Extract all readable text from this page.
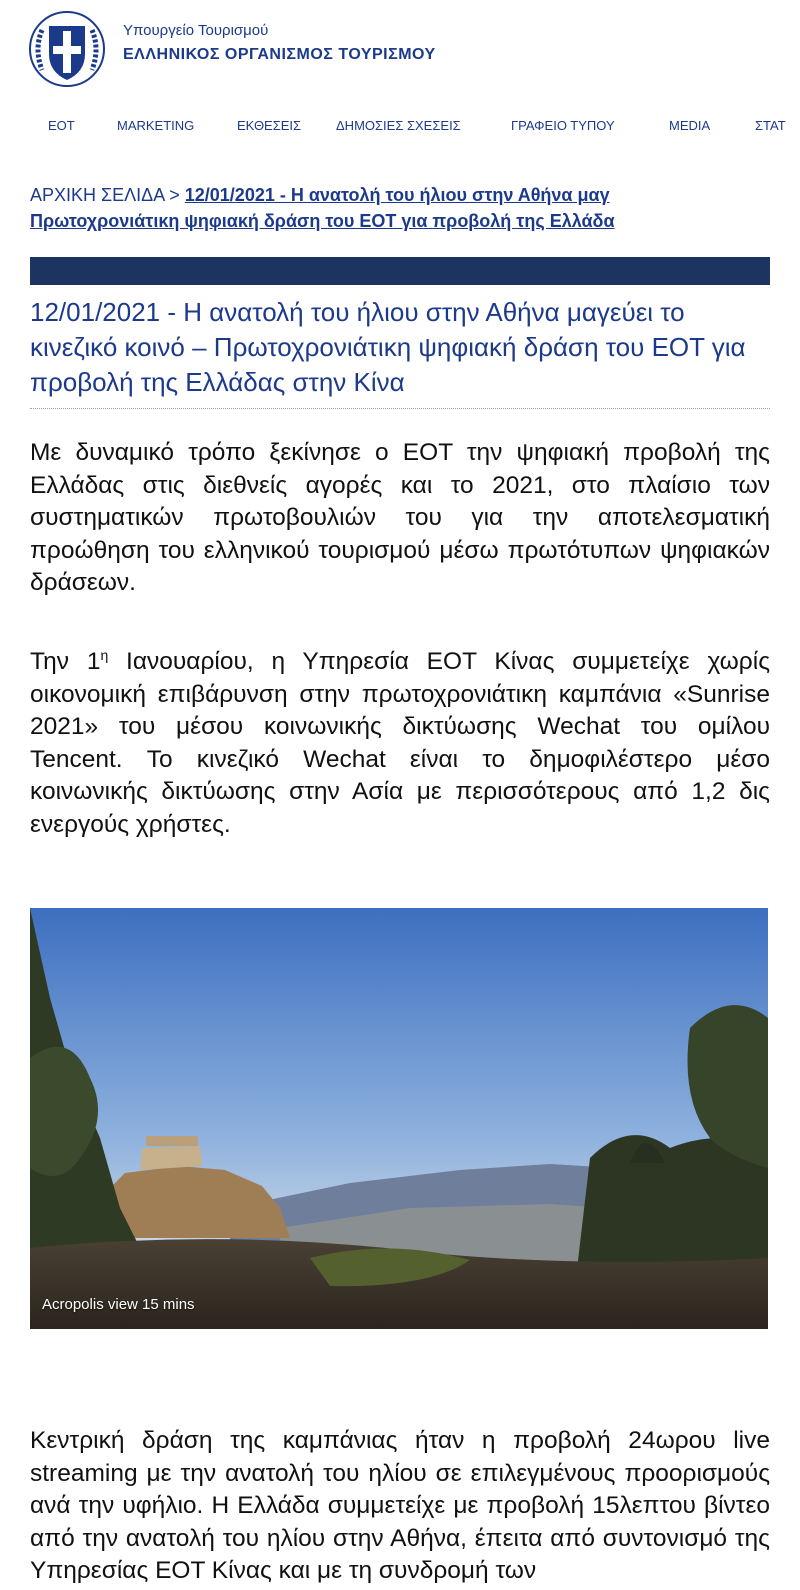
Υπουργείο Τουρισμού
ΕΛΛΗΝΙΚΟΣ ΟΡΓΑΝΙΣΜΟΣ ΤΟΥΡΙΣΜΟΥ
ΕΟΤ	MARKETING	ΕΚΘΕΣΕΙΣ	ΔΗΜΟΣΙΕΣ ΣΧΕΣΕΙΣ	ΓΡΑΦΕΙΟ ΤΥΠΟΥ	MEDIA	ΣΤΑΤ
ΑΡΧΙΚΗ ΣΕΛΙΔΑ > 12/01/2021 - Η ανατολή του ήλιου στην Αθήνα μαγ
Πρωτοχρονιάτικη ψηφιακή δράση του ΕΟΤ για προβολή της Ελλάδα
12/01/2021 - Η ανατολή του ήλιου στην Αθήνα μαγεύει το κινεζικό κοινό – Πρωτοχρονιάτικη ψηφιακή δράση του ΕΟΤ για προβολή της Ελλάδας στην Κίνα

Με δυναμικό τρόπο ξεκίνησε ο ΕΟΤ την ψηφιακή προβολή της Ελλάδας στις διεθνείς αγορές και το 2021, στο πλαίσιο των συστηματικών πρωτοβουλιών του για την αποτελεσματική προώθηση του ελληνικού τουρισμού μέσω πρωτότυπων ψηφιακών δράσεων.

Την $1^\eta$ Ιανουαρίου, η Υπηρεσία ΕΟΤ Κίνας συμμετείχε χωρίς οικονομική επιβάρυνση στην πρωτοχρονιάτικη καμπάνια «Sunrise 2021» του μέσου κοινωνικής δικτύωσης Wechat του ομίλου Tencent. Το κινεζικό Wechat είναι το δημοφιλέστερο μέσο κοινωνικής δικτύωσης στην Ασία με περισσότερους από 1,2 δις ενεργούς χρήστες.

Acropolis view 15 mins

Κεντρική δράση της καμπάνιας ήταν η προβολή 24ωρου live streaming με την ανατολή του ηλίου σε επιλεγμένους προορισμούς ανά την υφήλιο. Η Ελλάδα συμμετείχε με προβολή 15λεπτου βίντεο από την ανατολή του ηλίου στην Αθήνα, έπειτα από συντονισμό της Υπηρεσίας ΕΟΤ Κίνας και με τη συνδρομή των
